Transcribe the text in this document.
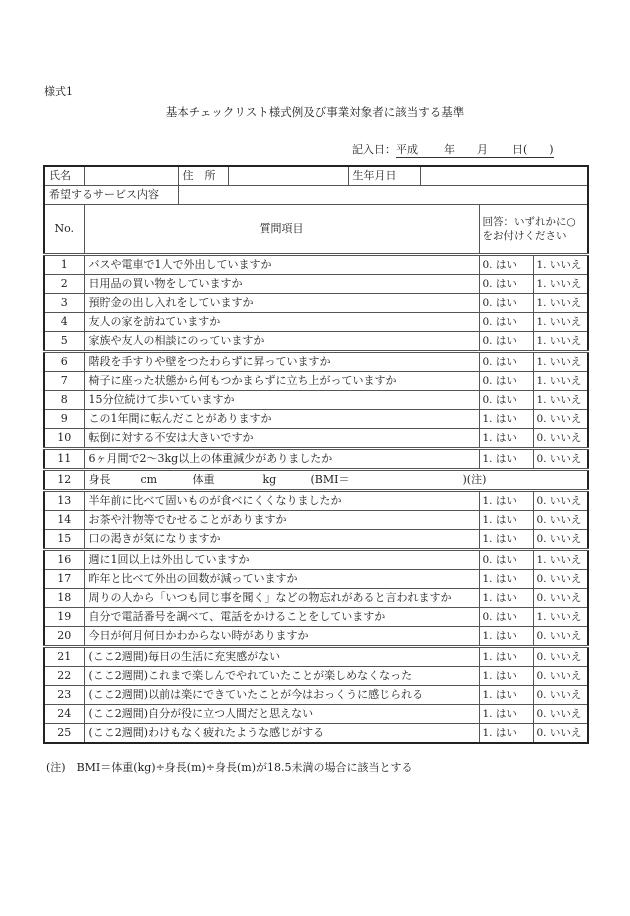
様式1
基本チェックリスト様式例及び事業対象者に該当する基準
記入日：平成 年 月 日(　　)
氏名		住　所		生年月日			
希望するサービス内容							
No.	質問項目					回答：いずれかに○をお付けください	
1	バスや電車で1人で外出していますか					0. はい	1. いいえ
2	日用品の買い物をしていますか					0. はい	1. いいえ
3	預貯金の出し入れをしていますか					0. はい	1. いいえ
4	友人の家を訪ねていますか					0. はい	1. いいえ
5	家族や友人の相談にのっていますか					0. はい	1. いいえ
6	階段を手すりや壁をつたわらずに昇っていますか					0. はい	1. いいえ
7	椅子に座った状態から何もつかまらずに立ち上がっていますか					0. はい	1. いいえ
8	15分位続けて歩いていますか					0. はい	1. いいえ
9	この1年間に転んだことがありますか					1. はい	0. いいえ
10	転倒に対する不安は大きいですか					1. はい	0. いいえ
11	6ヶ月間で2～3kg以上の体重減少がありましたか					1. はい	0. いいえ
12	身長 cm 体重 kg (BMI＝ )(注)						
13	半年前に比べて固いものが食べにくくなりましたか					1. はい	0. いいえ
14	お茶や汁物等でむせることがありますか					1. はい	0. いいえ
15	口の渇きが気になりますか					1. はい	0. いいえ
16	週に1回以上は外出していますか					0. はい	1. いいえ
17	昨年と比べて外出の回数が減っていますか					1. はい	0. いいえ
18	周りの人から「いつも同じ事を聞く」などの物忘れがあると言われますか					1. はい	0. いいえ
19	自分で電話番号を調べて、電話をかけることをしていますか					0. はい	1. いいえ
20	今日が何月何日かわからない時がありますか					1. はい	0. いいえ
21	(ここ2週間)毎日の生活に充実感がない					1. はい	0. いいえ
22	(ここ2週間)これまで楽しんでやれていたことが楽しめなくなった					1. はい	0. いいえ
23	(ここ2週間)以前は楽にできていたことが今はおっくうに感じられる					1. はい	0. いいえ
24	(ここ2週間)自分が役に立つ人間だと思えない					1. はい	0. いいえ
25	(ここ2週間)わけもなく疲れたような感じがする					1. はい	0. いいえ
(注)　BMI＝体重(kg)÷身長(m)÷身長(m)が18.5未満の場合に該当とする
